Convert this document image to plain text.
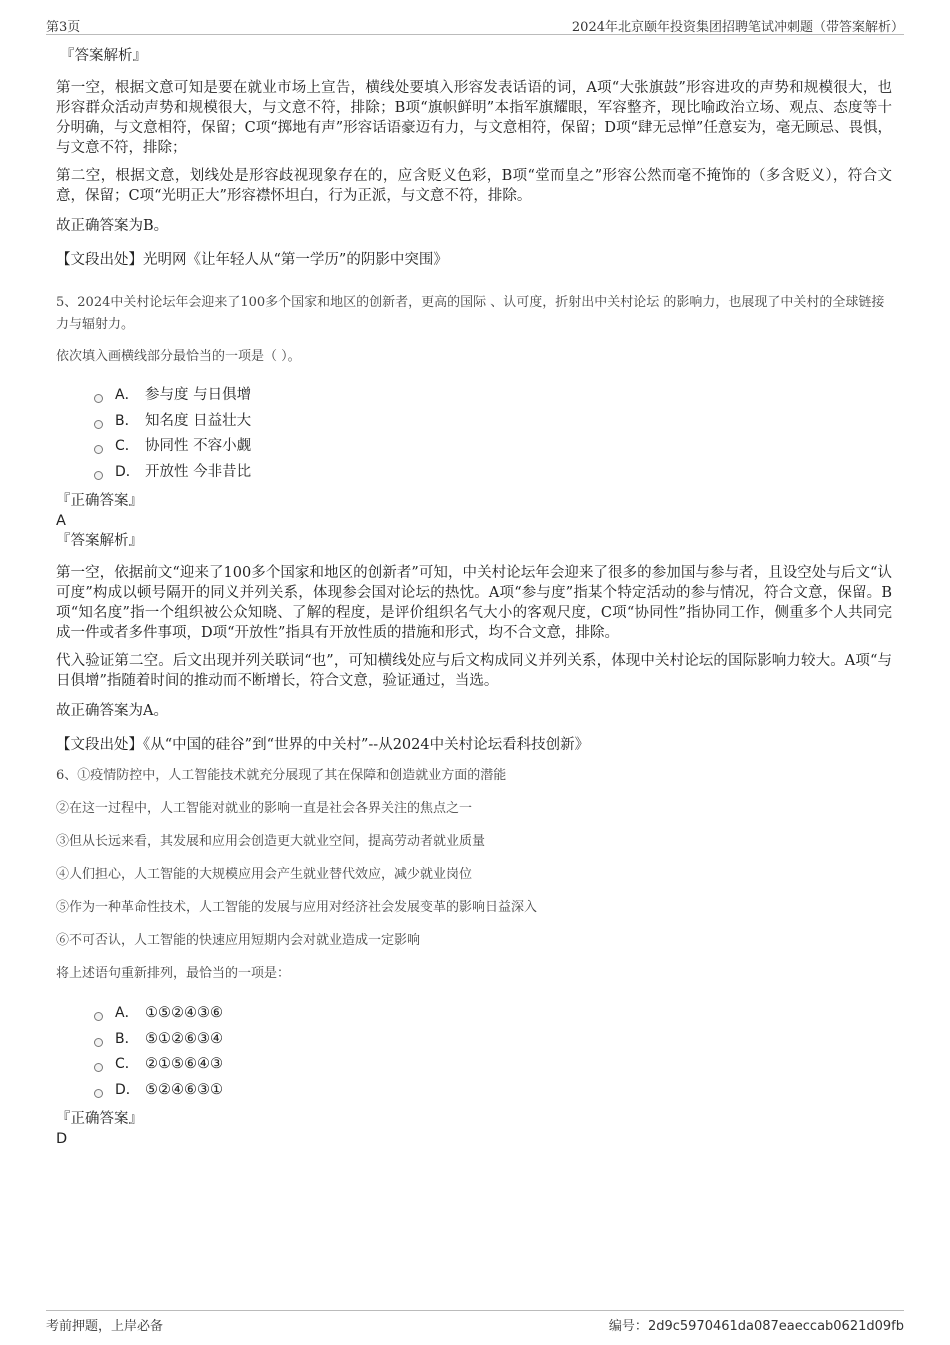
第3页	2024年北京颐年投资集团招聘笔试冲刺题（带答案解析）

『答案解析』

第一空，根据文意可知是要在就业市场上宣告，横线处要填入形容发表话语的词，A项“大张旗鼓”形容进攻的声势和规模很大，也形容群众活动声势和规模很大，与文意不符，排除；B项“旗帜鲜明”本指军旗耀眼，军容整齐，现比喻政治立场、观点、态度等十分明确，与文意相符，保留；C项“掷地有声”形容话语豪迈有力，与文意相符，保留；D项“肆无忌惮”任意妄为，毫无顾忌、畏惧，与文意不符，排除；

第二空，根据文意，划线处是形容歧视现象存在的，应含贬义色彩，B项“堂而皇之”形容公然而毫不掩饰的（多含贬义），符合文意，保留；C项“光明正大”形容襟怀坦白，行为正派，与文意不符，排除。

故正确答案为B。

【文段出处】光明网《让年轻人从“第一学历”的阴影中突围》

5、2024中关村论坛年会迎来了100多个国家和地区的创新者，更高的国际 、认可度，折射出中关村论坛 的影响力，也展现了中关村的全球链接力与辐射力。

依次填入画横线部分最恰当的一项是（ ）。

A． 参与度 与日俱增
B． 知名度 日益壮大
C． 协同性 不容小觑
D． 开放性 今非昔比

『正确答案』

A

『答案解析』

第一空，依据前文“迎来了100多个国家和地区的创新者”可知，中关村论坛年会迎来了很多的参加国与参与者，且设空处与后文“认可度”构成以顿号隔开的同义并列关系，体现参会国对论坛的热忱。A项“参与度”指某个特定活动的参与情况，符合文意，保留。B项“知名度”指一个组织被公众知晓、了解的程度，是评价组织名气大小的客观尺度，C项“协同性”指协同工作，侧重多个人共同完成一件或者多件事项，D项“开放性”指具有开放性质的措施和形式，均不合文意，排除。

代入验证第二空。后文出现并列关联词“也”，可知横线处应与后文构成同义并列关系，体现中关村论坛的国际影响力较大。A项“与日俱增”指随着时间的推动而不断增长，符合文意，验证通过，当选。

故正确答案为A。

【文段出处】《从“中国的硅谷”到“世界的中关村”--从2024中关村论坛看科技创新》

6、①疫情防控中，人工智能技术就充分展现了其在保障和创造就业方面的潜能

②在这一过程中，人工智能对就业的影响一直是社会各界关注的焦点之一

③但从长远来看，其发展和应用会创造更大就业空间，提高劳动者就业质量

④人们担心，人工智能的大规模应用会产生就业替代效应，减少就业岗位

⑤作为一种革命性技术，人工智能的发展与应用对经济社会发展变革的影响日益深入

⑥不可否认，人工智能的快速应用短期内会对就业造成一定影响

将上述语句重新排列，最恰当的一项是：

A． ①⑤②④③⑥
B． ⑤①②⑥③④
C． ②①⑤⑥④③
D． ⑤②④⑥③①

『正确答案』

D

考前押题，上岸必备	编号：2d9c5970461da087eaeccab0621d09fb
